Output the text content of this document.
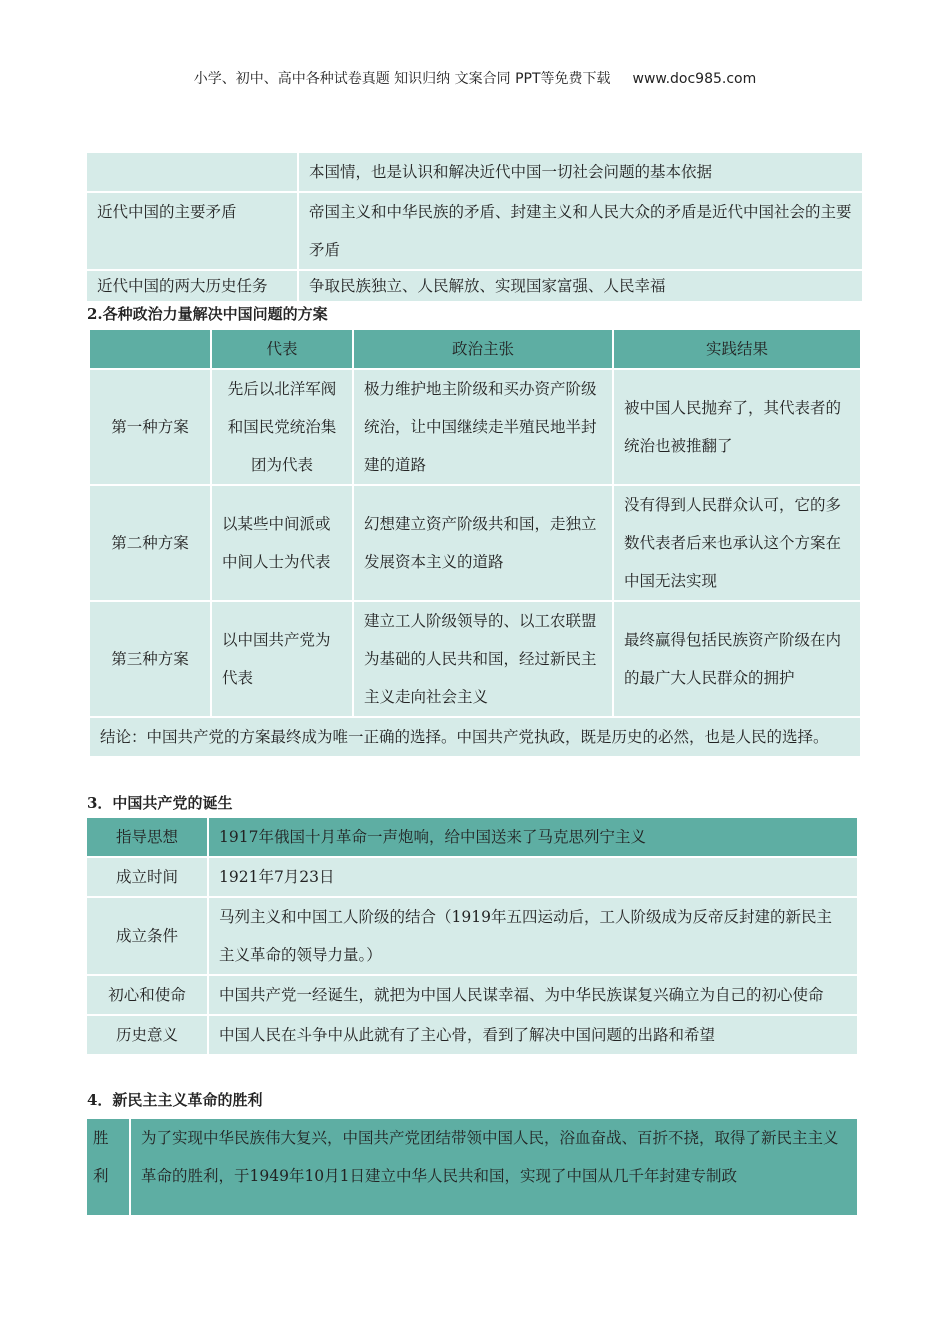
小学、初中、高中各种试卷真题 知识归纳 文案合同 PPT等免费下载 www.doc985.com
	本国情，也是认识和解决近代中国一切社会问题的基本依据
近代中国的主要矛盾	帝国主义和中华民族的矛盾、封建主义和人民大众的矛盾是近代中国社会的主要矛盾
近代中国的两大历史任务	争取民族独立、人民解放、实现国家富强、人民幸福
2.各种政治力量解决中国问题的方案
	代表	政治主张	实践结果
第一种方案	先后以北洋军阀和国民党统治集团为代表	极力维护地主阶级和买办资产阶级统治，让中国继续走半殖民地半封建的道路	被中国人民抛弃了，其代表者的统治也被推翻了
第二种方案	以某些中间派或中间人士为代表	幻想建立资产阶级共和国，走独立发展资本主义的道路	没有得到人民群众认可，它的多数代表者后来也承认这个方案在中国无法实现
第三种方案	以中国共产党为代表	建立工人阶级领导的、以工农联盟为基础的人民共和国，经过新民主主义走向社会主义	最终赢得包括民族资产阶级在内的最广大人民群众的拥护
结论：中国共产党的方案最终成为唯一正确的选择。中国共产党执政，既是历史的必然，也是人民的选择。			
3．中国共产党的诞生
指导思想	1917年俄国十月革命一声炮响，给中国送来了马克思列宁主义
成立时间	1921年7月23日
成立条件	马列主义和中国工人阶级的结合（1919年五四运动后，工人阶级成为反帝反封建的新民主主义革命的领导力量。）
初心和使命	中国共产党一经诞生，就把为中国人民谋幸福、为中华民族谋复兴确立为自己的初心使命
历史意义	中国人民在斗争中从此就有了主心骨，看到了解决中国问题的出路和希望
4．新民主主义革命的胜利
胜利	为了实现中华民族伟大复兴，中国共产党团结带领中国人民，浴血奋战、百折不挠，取得了新民主主义革命的胜利，于1949年10月1日建立中华人民共和国，实现了中国从几千年封建专制政
